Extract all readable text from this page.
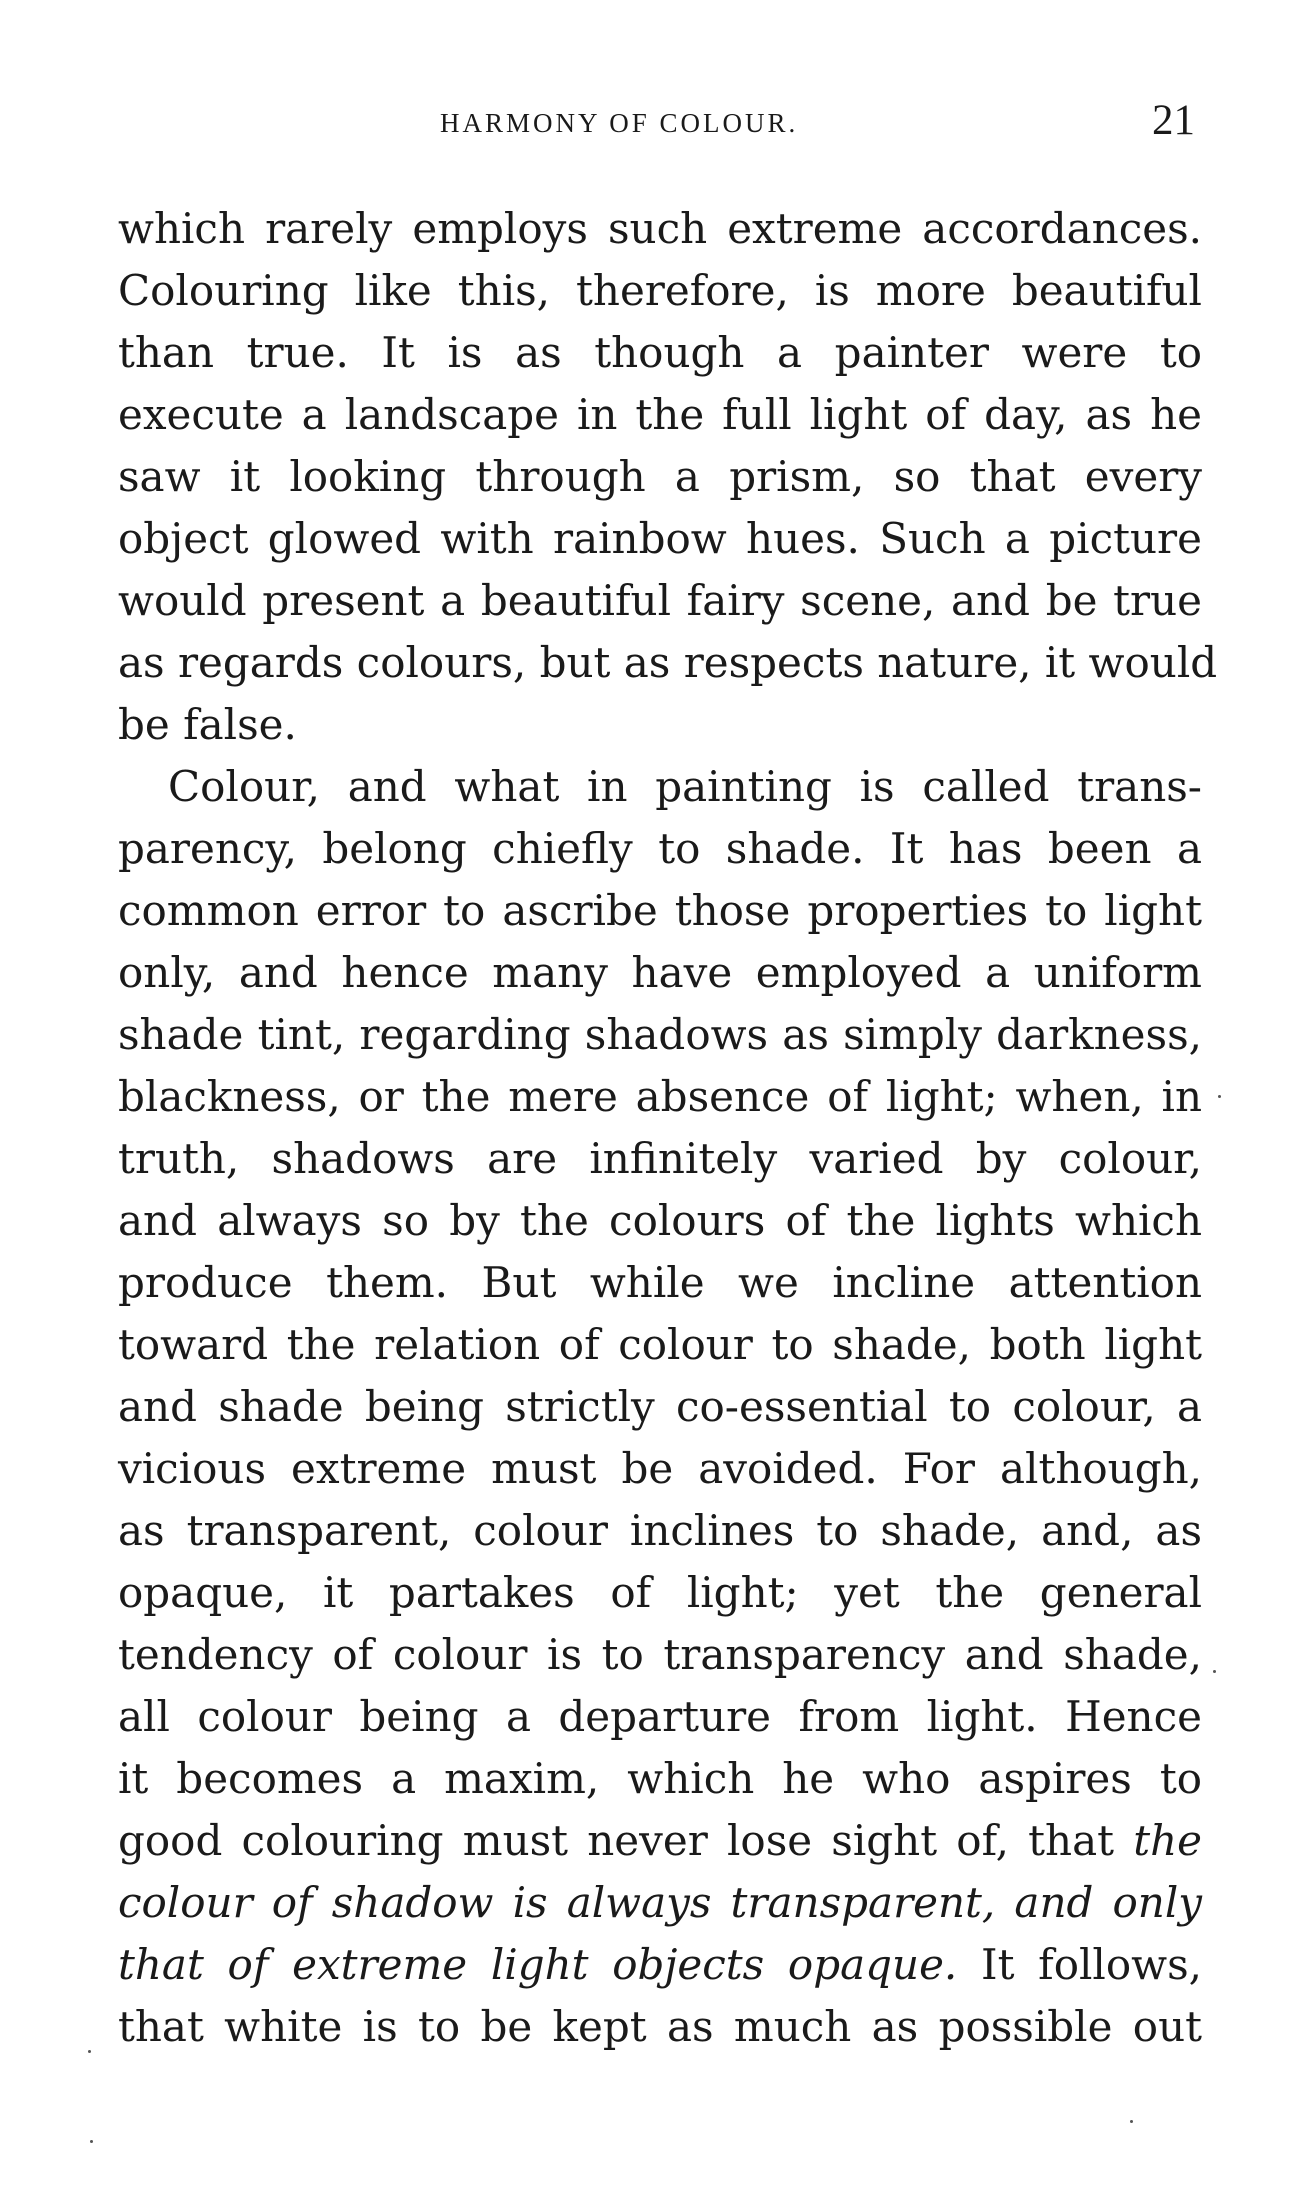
HARMONY OF COLOUR.	21
which rarely employs such extreme accordances.
Colouring like this, therefore, is more beautiful
than true. It is as though a painter were to
execute a landscape in the full light of day, as he
saw it looking through a prism, so that every
object glowed with rainbow hues. Such a picture
would present a beautiful fairy scene, and be true
as regards colours, but as respects nature, it would
be false.
Colour, and what in painting is called trans-
parency, belong chiefly to shade. It has been a
common error to ascribe those properties to light
only, and hence many have employed a uniform
shade tint, regarding shadows as simply darkness,
blackness, or the mere absence of light; when, in
truth, shadows are infinitely varied by colour,
and always so by the colours of the lights which
produce them. But while we incline attention
toward the relation of colour to shade, both light
and shade being strictly co-essential to colour, a
vicious extreme must be avoided. For although,
as transparent, colour inclines to shade, and, as
opaque, it partakes of light; yet the general
tendency of colour is to transparency and shade,
all colour being a departure from light. Hence
it becomes a maxim, which he who aspires to
good colouring must never lose sight of, that the
colour of shadow is always transparent, and only
that of extreme light objects opaque. It follows,
that white is to be kept as much as possible out
